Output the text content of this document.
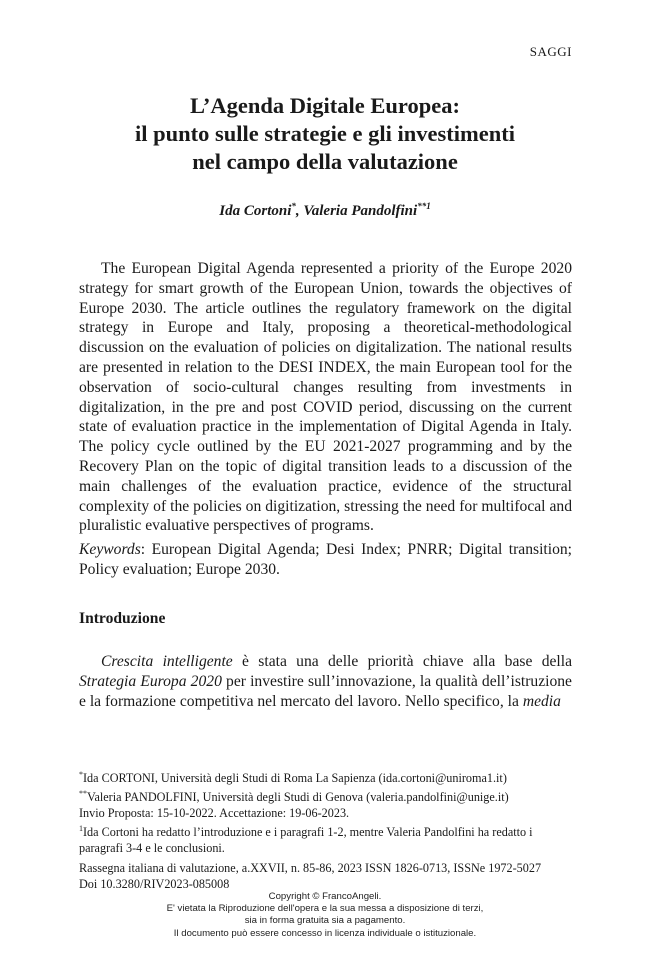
SAGGI
L’Agenda Digitale Europea:
il punto sulle strategie e gli investimenti
nel campo della valutazione
Ida Cortoni*, Valeria Pandolfini$^{**1}$

The European Digital Agenda represented a priority of the Europe 2020 strategy for smart growth of the European Union, towards the objectives of Europe 2030. The article outlines the regulatory framework on the digital strategy in Europe and Italy, proposing a theoretical-methodological discussion on the evaluation of policies on digitalization. The national results are presented in relation to the DESI INDEX, the main European tool for the observation of socio-cultural changes resulting from investments in digitalization, in the pre and post COVID period, discussing on the current state of evaluation practice in the implementation of Digital Agenda in Italy. The policy cycle outlined by the EU 2021-2027 programming and by the Recovery Plan on the topic of digital transition leads to a discussion of the main challenges of the evaluation practice, evidence of the structural complexity of the policies on digitization, stressing the need for multifocal and pluralistic evaluative perspectives of programs.

Keywords: European Digital Agenda; Desi Index; PNRR; Digital transition; Policy evaluation; Europe 2030.

Introduzione

Crescita intelligente è stata una delle priorità chiave alla base della Strategia Europa 2020 per investire sull’innovazione, la qualità dell’istruzione e la formazione competitiva nel mercato del lavoro. Nello specifico, la media

*Ida CORTONI, Università degli Studi di Roma La Sapienza (ida.cortoni@uniroma1.it)

**Valeria PANDOLFINI, Università degli Studi di Genova (valeria.pandolfini@unige.it)

Invio Proposta: 15-10-2022. Accettazione: 19-06-2023.

$^1$Ida Cortoni ha redatto l’introduzione e i paragrafi 1-2, mentre Valeria Pandolfini ha redatto i paragrafi 3-4 e le conclusioni.

Rassegna italiana di valutazione, a.XXVII, n. 85-86, 2023 ISSN 1826-0713, ISSNe 1972-5027

Doi 10.3280/RIV2023-085008

Copyright © FrancoAngeli.
E' vietata la Riproduzione dell'opera e la sua messa a disposizione di terzi,
sia in forma gratuita sia a pagamento.
Il documento può essere concesso in licenza individuale o istituzionale.
